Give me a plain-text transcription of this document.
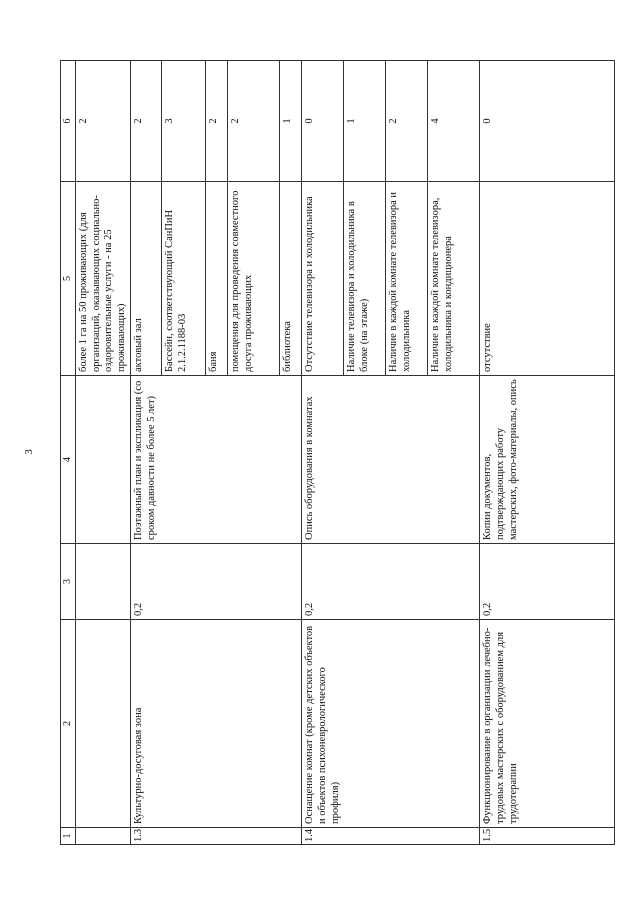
3
1	2	3	4	5	6
				более 1 га на 50 проживающих (для организаций, оказывающих социально-оздоровительные услуги - на 25 проживающих)	2
1.3	Культурно-досуговая зона	0,2	Поэтажный план и экспликация (со сроком давности не более 5 лет)	актовый зал	2
				Бассейн, соответствующий СанПиН 2.1.2.1188-03	3
				баня	2
				помещения для проведения совместного досуга проживающих	2
				библиотека	1
1.4	Оснащение комнат (кроме детских объектов и объектов психоневрологического профиля)	0,2	Опись оборудования в комнатах	Отсутствие телевизора и холодильника	0
				Наличие телевизора и холодильника в блоке (на этаже)	1
				Наличие в каждой комнате телевизора и холодильника	2
				Наличие в каждой комнате телевизора, холодильника и кондиционера	4
1.5	Функционирование в организации лечебно-трудовых мастерских с оборудованием для трудотерапии	0,2	Копии документов, подтверждающих работу мастерских, фото-материалы, опись	отсутствие	0
